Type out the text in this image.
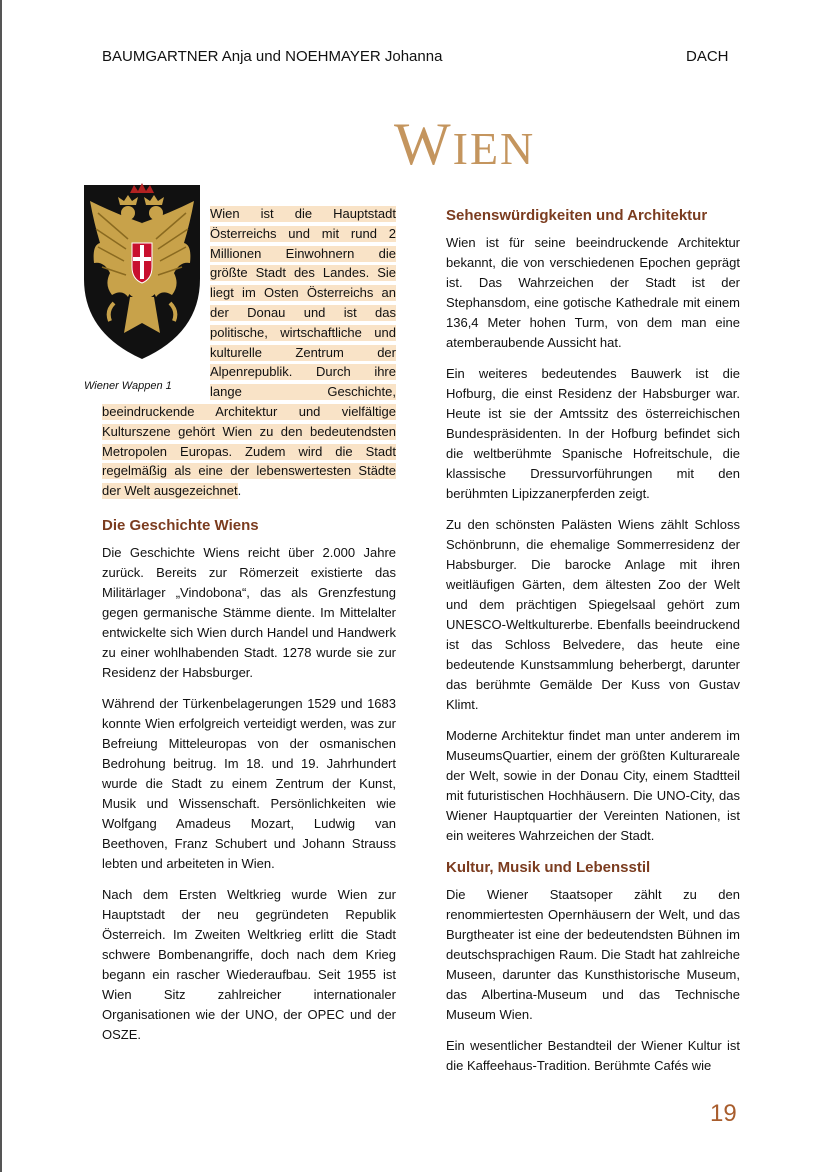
BAUMGARTNER Anja und NOEHMAYER Johanna	DACH
WIEN
Wiener Wappen 1
Wien ist die Hauptstadt
Österreichs und mit rund 2
Millionen Einwohnern die
größte Stadt des Landes. Sie
liegt im Osten Österreichs an
der Donau und ist das
politische, wirtschaftliche und
kulturelle Zentrum der
Alpenrepublik. Durch ihre
lange Geschichte,
beeindruckende Architektur und vielfältige
Kulturszene gehört Wien zu den bedeutendsten
Metropolen Europas. Zudem wird die Stadt
regelmäßig als eine der lebenswertesten Städte
der Welt ausgezeichnet.
Die Geschichte Wiens

Die Geschichte Wiens reicht über 2.000 Jahre zurück. Bereits zur Römerzeit existierte das Militärlager „Vindobona“, das als Grenzfestung gegen germanische Stämme diente. Im Mittelalter entwickelte sich Wien durch Handel und Handwerk zu einer wohlhabenden Stadt. 1278 wurde sie zur Residenz der Habsburger.

Während der Türkenbelagerungen 1529 und 1683 konnte Wien erfolgreich verteidigt werden, was zur Befreiung Mitteleuropas von der osmanischen Bedrohung beitrug. Im 18. und 19. Jahrhundert wurde die Stadt zu einem Zentrum der Kunst, Musik und Wissenschaft. Persönlichkeiten wie Wolfgang Amadeus Mozart, Ludwig van Beethoven, Franz Schubert und Johann Strauss lebten und arbeiteten in Wien.

Nach dem Ersten Weltkrieg wurde Wien zur Hauptstadt der neu gegründeten Republik Österreich. Im Zweiten Weltkrieg erlitt die Stadt schwere Bombenangriffe, doch nach dem Krieg begann ein rascher Wiederaufbau. Seit 1955 ist Wien Sitz zahlreicher internationaler Organisationen wie der UNO, der OPEC und der OSZE.

Sehenswürdigkeiten und Architektur

Wien ist für seine beeindruckende Architektur bekannt, die von verschiedenen Epochen geprägt ist. Das Wahrzeichen der Stadt ist der Stephansdom, eine gotische Kathedrale mit einem 136,4 Meter hohen Turm, von dem man eine atemberaubende Aussicht hat.

Ein weiteres bedeutendes Bauwerk ist die Hofburg, die einst Residenz der Habsburger war. Heute ist sie der Amtssitz des österreichischen Bundespräsidenten. In der Hofburg befindet sich die weltberühmte Spanische Hofreitschule, die klassische Dressurvorführungen mit den berühmten Lipizzanerpferden zeigt.

Zu den schönsten Palästen Wiens zählt Schloss Schönbrunn, die ehemalige Sommerresidenz der Habsburger. Die barocke Anlage mit ihren weitläufigen Gärten, dem ältesten Zoo der Welt und dem prächtigen Spiegelsaal gehört zum UNESCO-Weltkulturerbe. Ebenfalls beeindruckend ist das Schloss Belvedere, das heute eine bedeutende Kunstsammlung beherbergt, darunter das berühmte Gemälde Der Kuss von Gustav Klimt.

Moderne Architektur findet man unter anderem im MuseumsQuartier, einem der größten Kulturareale der Welt, sowie in der Donau City, einem Stadtteil mit futuristischen Hochhäusern. Die UNO-City, das Wiener Hauptquartier der Vereinten Nationen, ist ein weiteres Wahrzeichen der Stadt.

Kultur, Musik und Lebensstil

Die Wiener Staatsoper zählt zu den renommiertesten Opernhäusern der Welt, und das Burgtheater ist eine der bedeutendsten Bühnen im deutschsprachigen Raum. Die Stadt hat zahlreiche Museen, darunter das Kunsthistorische Museum, das Albertina-Museum und das Technische Museum Wien.

Ein wesentlicher Bestandteil der Wiener Kultur ist die Kaffeehaus-Tradition. Berühmte Cafés wie

19
